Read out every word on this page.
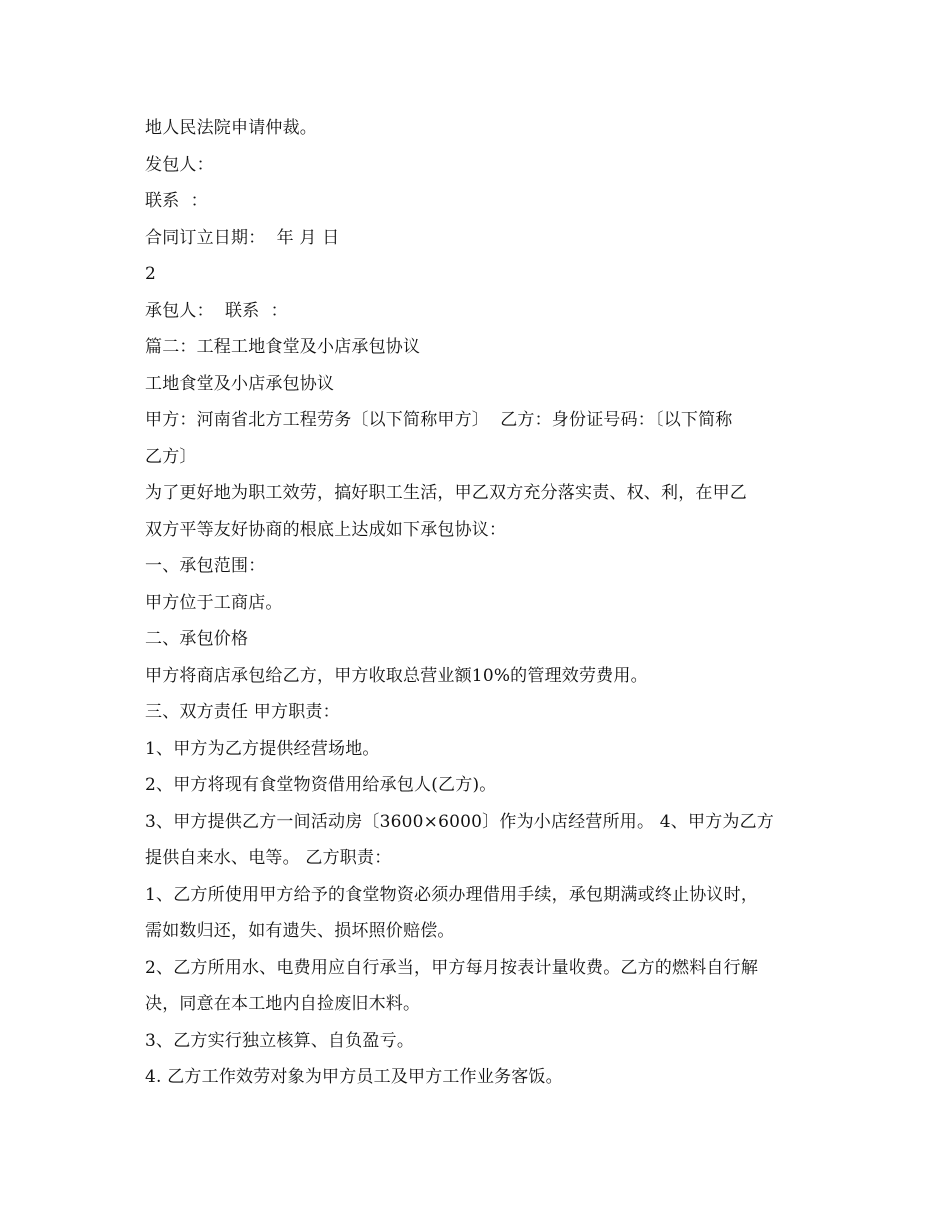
地人民法院申请仲裁。

发包人：

联系  ：

合同订立日期：  年 月 日

2

承包人：  联系  ：

篇二：工程工地食堂及小店承包协议

工地食堂及小店承包协议

甲方：河南省北方工程劳务〔以下简称甲方〕  乙方：身份证号码：〔以下简称

乙方〕

为了更好地为职工效劳，搞好职工生活，甲乙双方充分落实责、权、利，在甲乙

双方平等友好协商的根底上达成如下承包协议：

一、承包范围：

甲方位于工商店。

二、承包价格

甲方将商店承包给乙方，甲方收取总营业额10%的管理效劳费用。

三、双方责任 甲方职责：

1、甲方为乙方提供经营场地。

2、甲方将现有食堂物资借用给承包人(乙方)。

3、甲方提供乙方一间活动房〔3600×6000〕作为小店经营所用。 4、甲方为乙方

提供自来水、电等。 乙方职责：

1、乙方所使用甲方给予的食堂物资必须办理借用手续，承包期满或终止协议时，

需如数归还，如有遗失、损坏照价赔偿。

2、乙方所用水、电费用应自行承当，甲方每月按表计量收费。乙方的燃料自行解

决，同意在本工地内自捡废旧木料。

3、乙方实行独立核算、自负盈亏。

4. 乙方工作效劳对象为甲方员工及甲方工作业务客饭。
